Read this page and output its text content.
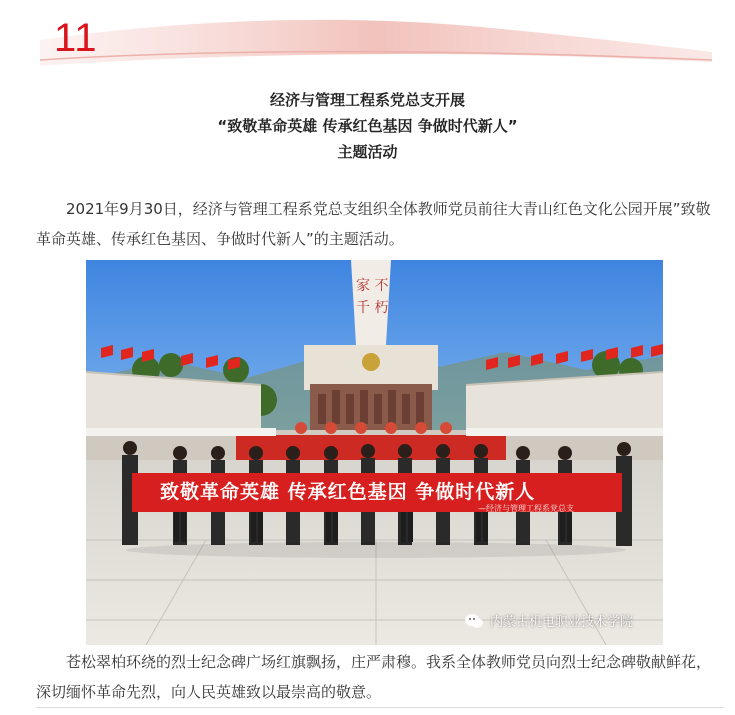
11
经济与管理工程系党总支开展
“致敬革命英雄 传承红色基因 争做时代新人”
主题活动

2021年9月30日，经济与管理工程系党总支组织全体教师党员前往大青山红色文化公园开展”致敬革命英雄、传承红色基因、争做时代新人”的主题活动。

家 不
千 朽
致敬革命英雄 传承红色基因 争做时代新人
—经济与管理工程系党总支
内蒙古机电职业技术学院

苍松翠柏环绕的烈士纪念碑广场红旗飘扬，庄严肃穆。我系全体教师党员向烈士纪念碑敬献鲜花，深切缅怀革命先烈，向人民英雄致以最崇高的敬意。
